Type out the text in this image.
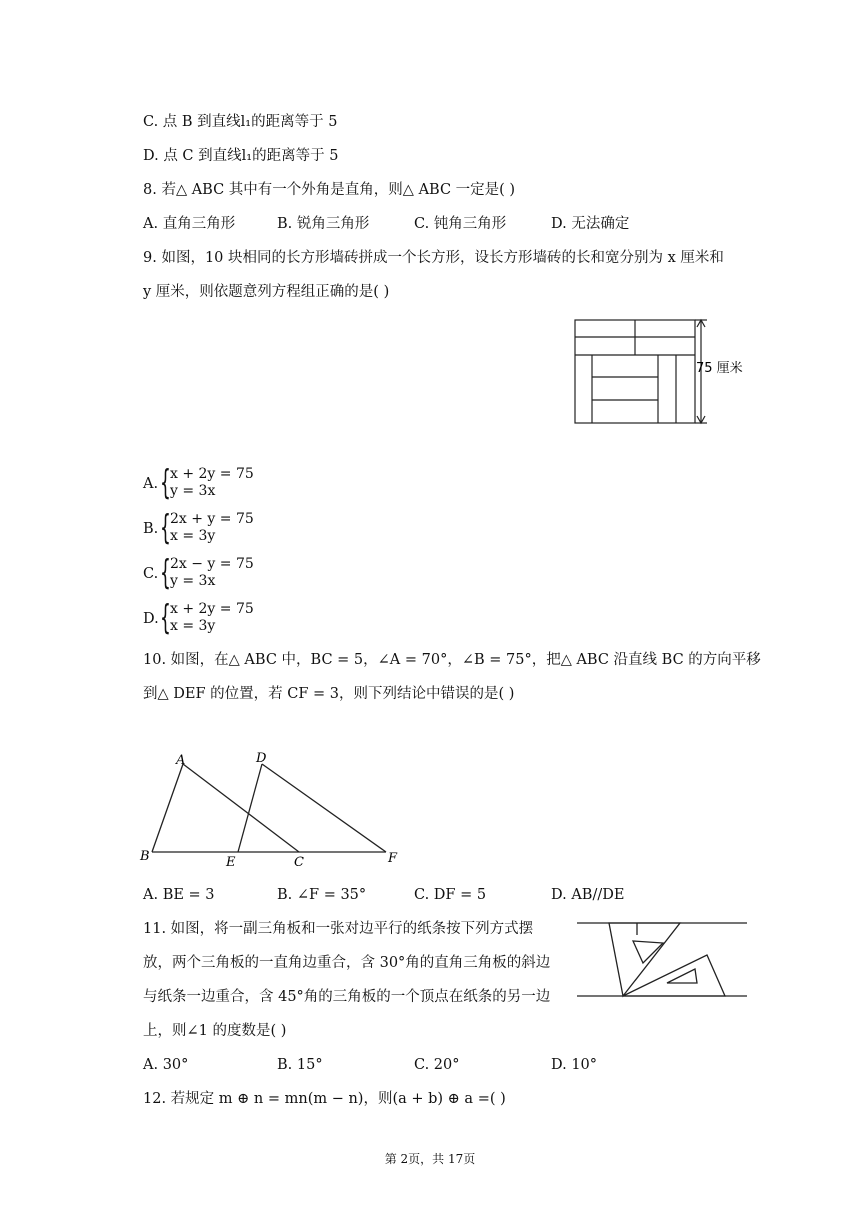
C. 点 B 到直线l₁的距离等于 5
D. 点 C 到直线l₁的距离等于 5
8. 若△ ABC 其中有一个外角是直角，则△ ABC 一定是( )
A. 直角三角形	B. 锐角三角形	C. 钝角三角形	D. 无法确定
9. 如图，10 块相同的长方形墙砖拼成一个长方形，设长方形墙砖的长和宽分别为 x 厘米和
y 厘米，则依题意列方程组正确的是( )
75 厘米
A. { x + 2y = 75
y = 3x
B. { 2x + y = 75
x = 3y
C. { 2x − y = 75
y = 3x
D. { x + 2y = 75
x = 3y
10. 如图，在△ ABC 中，BC = 5，∠A = 70°，∠B = 75°，把△ ABC 沿直线 BC 的方向平移
到△ DEF 的位置，若 CF = 3，则下列结论中错误的是( )
A
B	C
D
E	F
A. BE = 3	B. ∠F = 35°	C. DF = 5	D. AB//DE
11. 如图，将一副三角板和一张对边平行的纸条按下列方式摆
放，两个三角板的一直角边重合，含 30°角的直角三角板的斜边
与纸条一边重合，含 45°角的三角板的一个顶点在纸条的另一边
上，则∠1 的度数是( )
A. 30°	B. 15°	C. 20°	D. 10°
12. 若规定 m ⊕ n = mn(m − n)，则(a + b) ⊕ a =( )
第 2页，共 17页
